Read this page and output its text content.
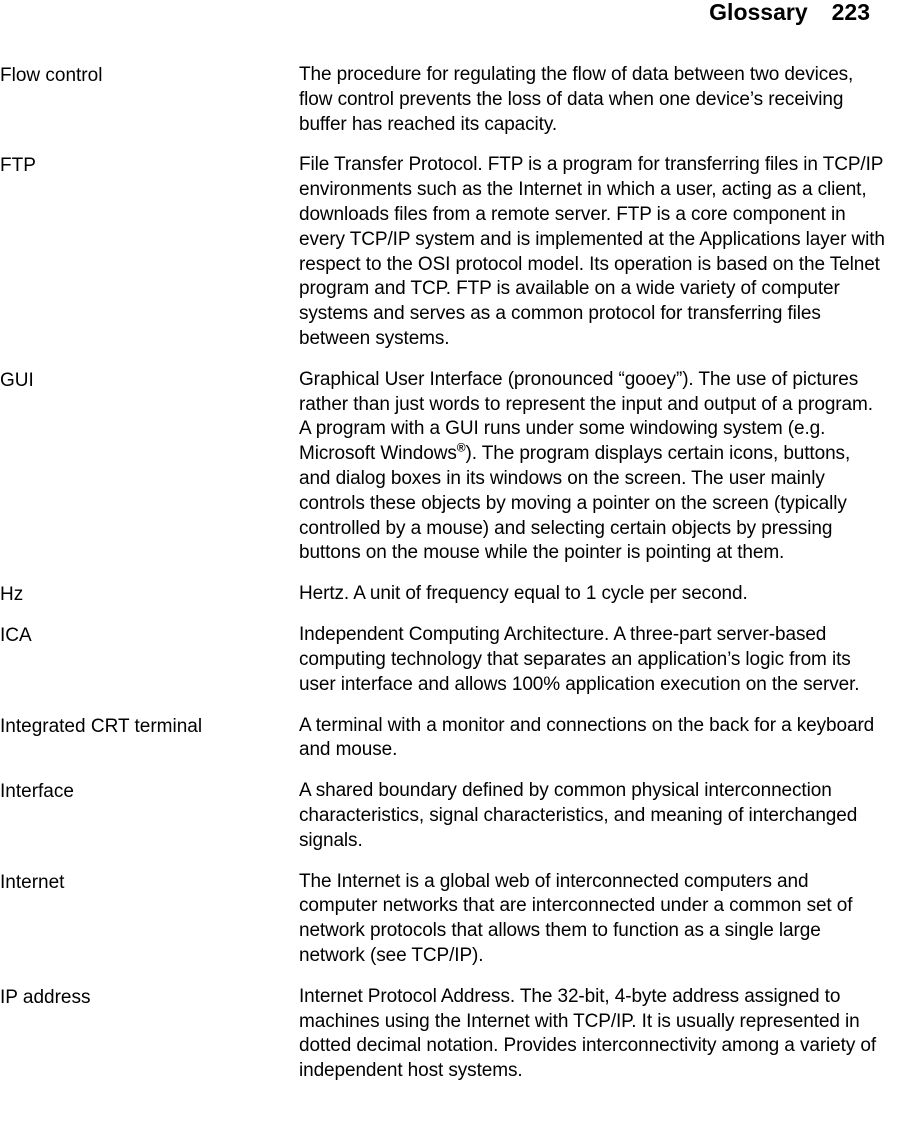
Glossary 223
Flow control	The procedure for regulating the flow of data between two devices, flow control prevents the loss of data when one device’s receiving buffer has reached its capacity.
FTP	File Transfer Protocol. FTP is a program for transferring files in TCP/IP environments such as the Internet in which a user, acting as a client, downloads files from a remote server. FTP is a core component in every TCP/IP system and is implemented at the Applications layer with respect to the OSI protocol model. Its operation is based on the Telnet program and TCP. FTP is available on a wide variety of computer systems and serves as a common protocol for transferring files between systems.
GUI	Graphical User Interface (pronounced “gooey”). The use of pictures rather than just words to represent the input and output of a program. A program with a GUI runs under some windowing system (e.g. Microsoft Windows®). The program displays certain icons, buttons, and dialog boxes in its windows on the screen. The user mainly controls these objects by moving a pointer on the screen (typically controlled by a mouse) and selecting certain objects by pressing buttons on the mouse while the pointer is pointing at them.
Hz	Hertz. A unit of frequency equal to 1 cycle per second.
ICA	Independent Computing Architecture. A three-part server-based computing technology that separates an application’s logic from its user interface and allows 100% application execution on the server.
Integrated CRT terminal	A terminal with a monitor and connections on the back for a keyboard and mouse.
Interface	A shared boundary defined by common physical interconnection characteristics, signal characteristics, and meaning of interchanged signals.
Internet	The Internet is a global web of interconnected computers and computer networks that are interconnected under a common set of network protocols that allows them to function as a single large network (see TCP/IP).
IP address	Internet Protocol Address. The 32-bit, 4-byte address assigned to machines using the Internet with TCP/IP. It is usually represented in dotted decimal notation. Provides interconnectivity among a variety of independent host systems.
